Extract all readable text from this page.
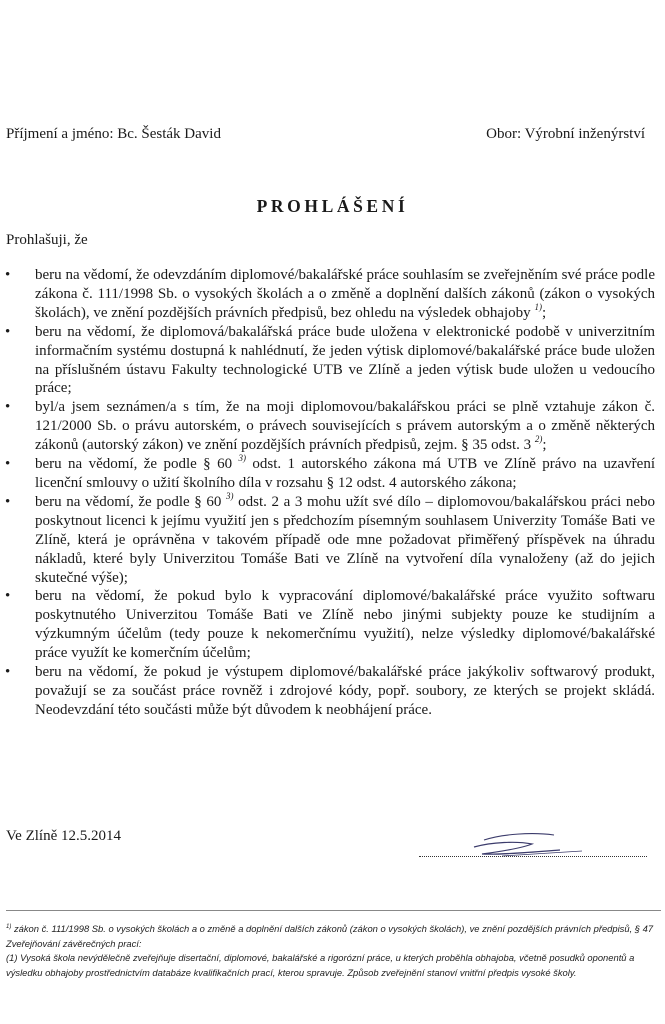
Příjmení a jméno: Bc. Šesták David	Obor: Výrobní inženýrství
PROHLÁŠENÍ
Prohlašuji, že
• beru na vědomí, že odevzdáním diplomové/bakalářské práce souhlasím se zveřejněním své práce podle zákona č. 111/1998 Sb. o vysokých školách a o změně a doplnění dalších zákonů (zákon o vysokých školách), ve znění pozdějších právních předpisů, bez ohledu na výsledek obhajoby $^{1)}$;
• beru na vědomí, že diplomová/bakalářská práce bude uložena v elektronické podobě v univerzitním informačním systému dostupná k nahlédnutí, že jeden výtisk diplomové/bakalářské práce bude uložen na příslušném ústavu Fakulty technologické UTB ve Zlíně a jeden výtisk bude uložen u vedoucího práce;
• byl/a jsem seznámen/a s tím, že na moji diplomovou/bakalářskou práci se plně vztahuje zákon č. 121/2000 Sb. o právu autorském, o právech souvisejících s právem autorským a o změně některých zákonů (autorský zákon) ve znění pozdějších právních předpisů, zejm. § 35 odst. 3 $^{2)}$;
• beru na vědomí, že podle § 60 $^{3)}$ odst. 1 autorského zákona má UTB ve Zlíně právo na uzavření licenční smlouvy o užití školního díla v rozsahu § 12 odst. 4 autorského zákona;
• beru na vědomí, že podle § 60 $^{3)}$ odst. 2 a 3 mohu užít své dílo – diplomovou/bakalářskou práci nebo poskytnout licenci k jejímu využití jen s předchozím písemným souhlasem Univerzity Tomáše Bati ve Zlíně, která je oprávněna v takovém případě ode mne požadovat přiměřený příspěvek na úhradu nákladů, které byly Univerzitou Tomáše Bati ve Zlíně na vytvoření díla vynaloženy (až do jejich skutečné výše);
• beru na vědomí, že pokud bylo k vypracování diplomové/bakalářské práce využito softwaru poskytnutého Univerzitou Tomáše Bati ve Zlíně nebo jinými subjekty pouze ke studijním a výzkumným účelům (tedy pouze k nekomerčnímu využití), nelze výsledky diplomové/bakalářské práce využít ke komerčním účelům;
• beru na vědomí, že pokud je výstupem diplomové/bakalářské práce jakýkoliv softwarový produkt, považují se za součást práce rovněž i zdrojové kódy, popř. soubory, ze kterých se projekt skládá. Neodevzdání této součásti může být důvodem k neobhájení práce.
Ve Zlíně 12.5.2014

$^{1)}$ zákon č. 111/1998 Sb. o vysokých školách a o změně a doplnění dalších zákonů (zákon o vysokých školách), ve znění pozdějších právních předpisů, § 47 Zveřejňování závěrečných prací:

(1) Vysoká škola nevýdělečně zveřejňuje disertační, diplomové, bakalářské a rigorózní práce, u kterých proběhla obhajoba, včetně posudků oponentů a výsledku obhajoby prostřednictvím databáze kvalifikačních prací, kterou spravuje. Způsob zveřejnění stanoví vnitřní předpis vysoké školy.
